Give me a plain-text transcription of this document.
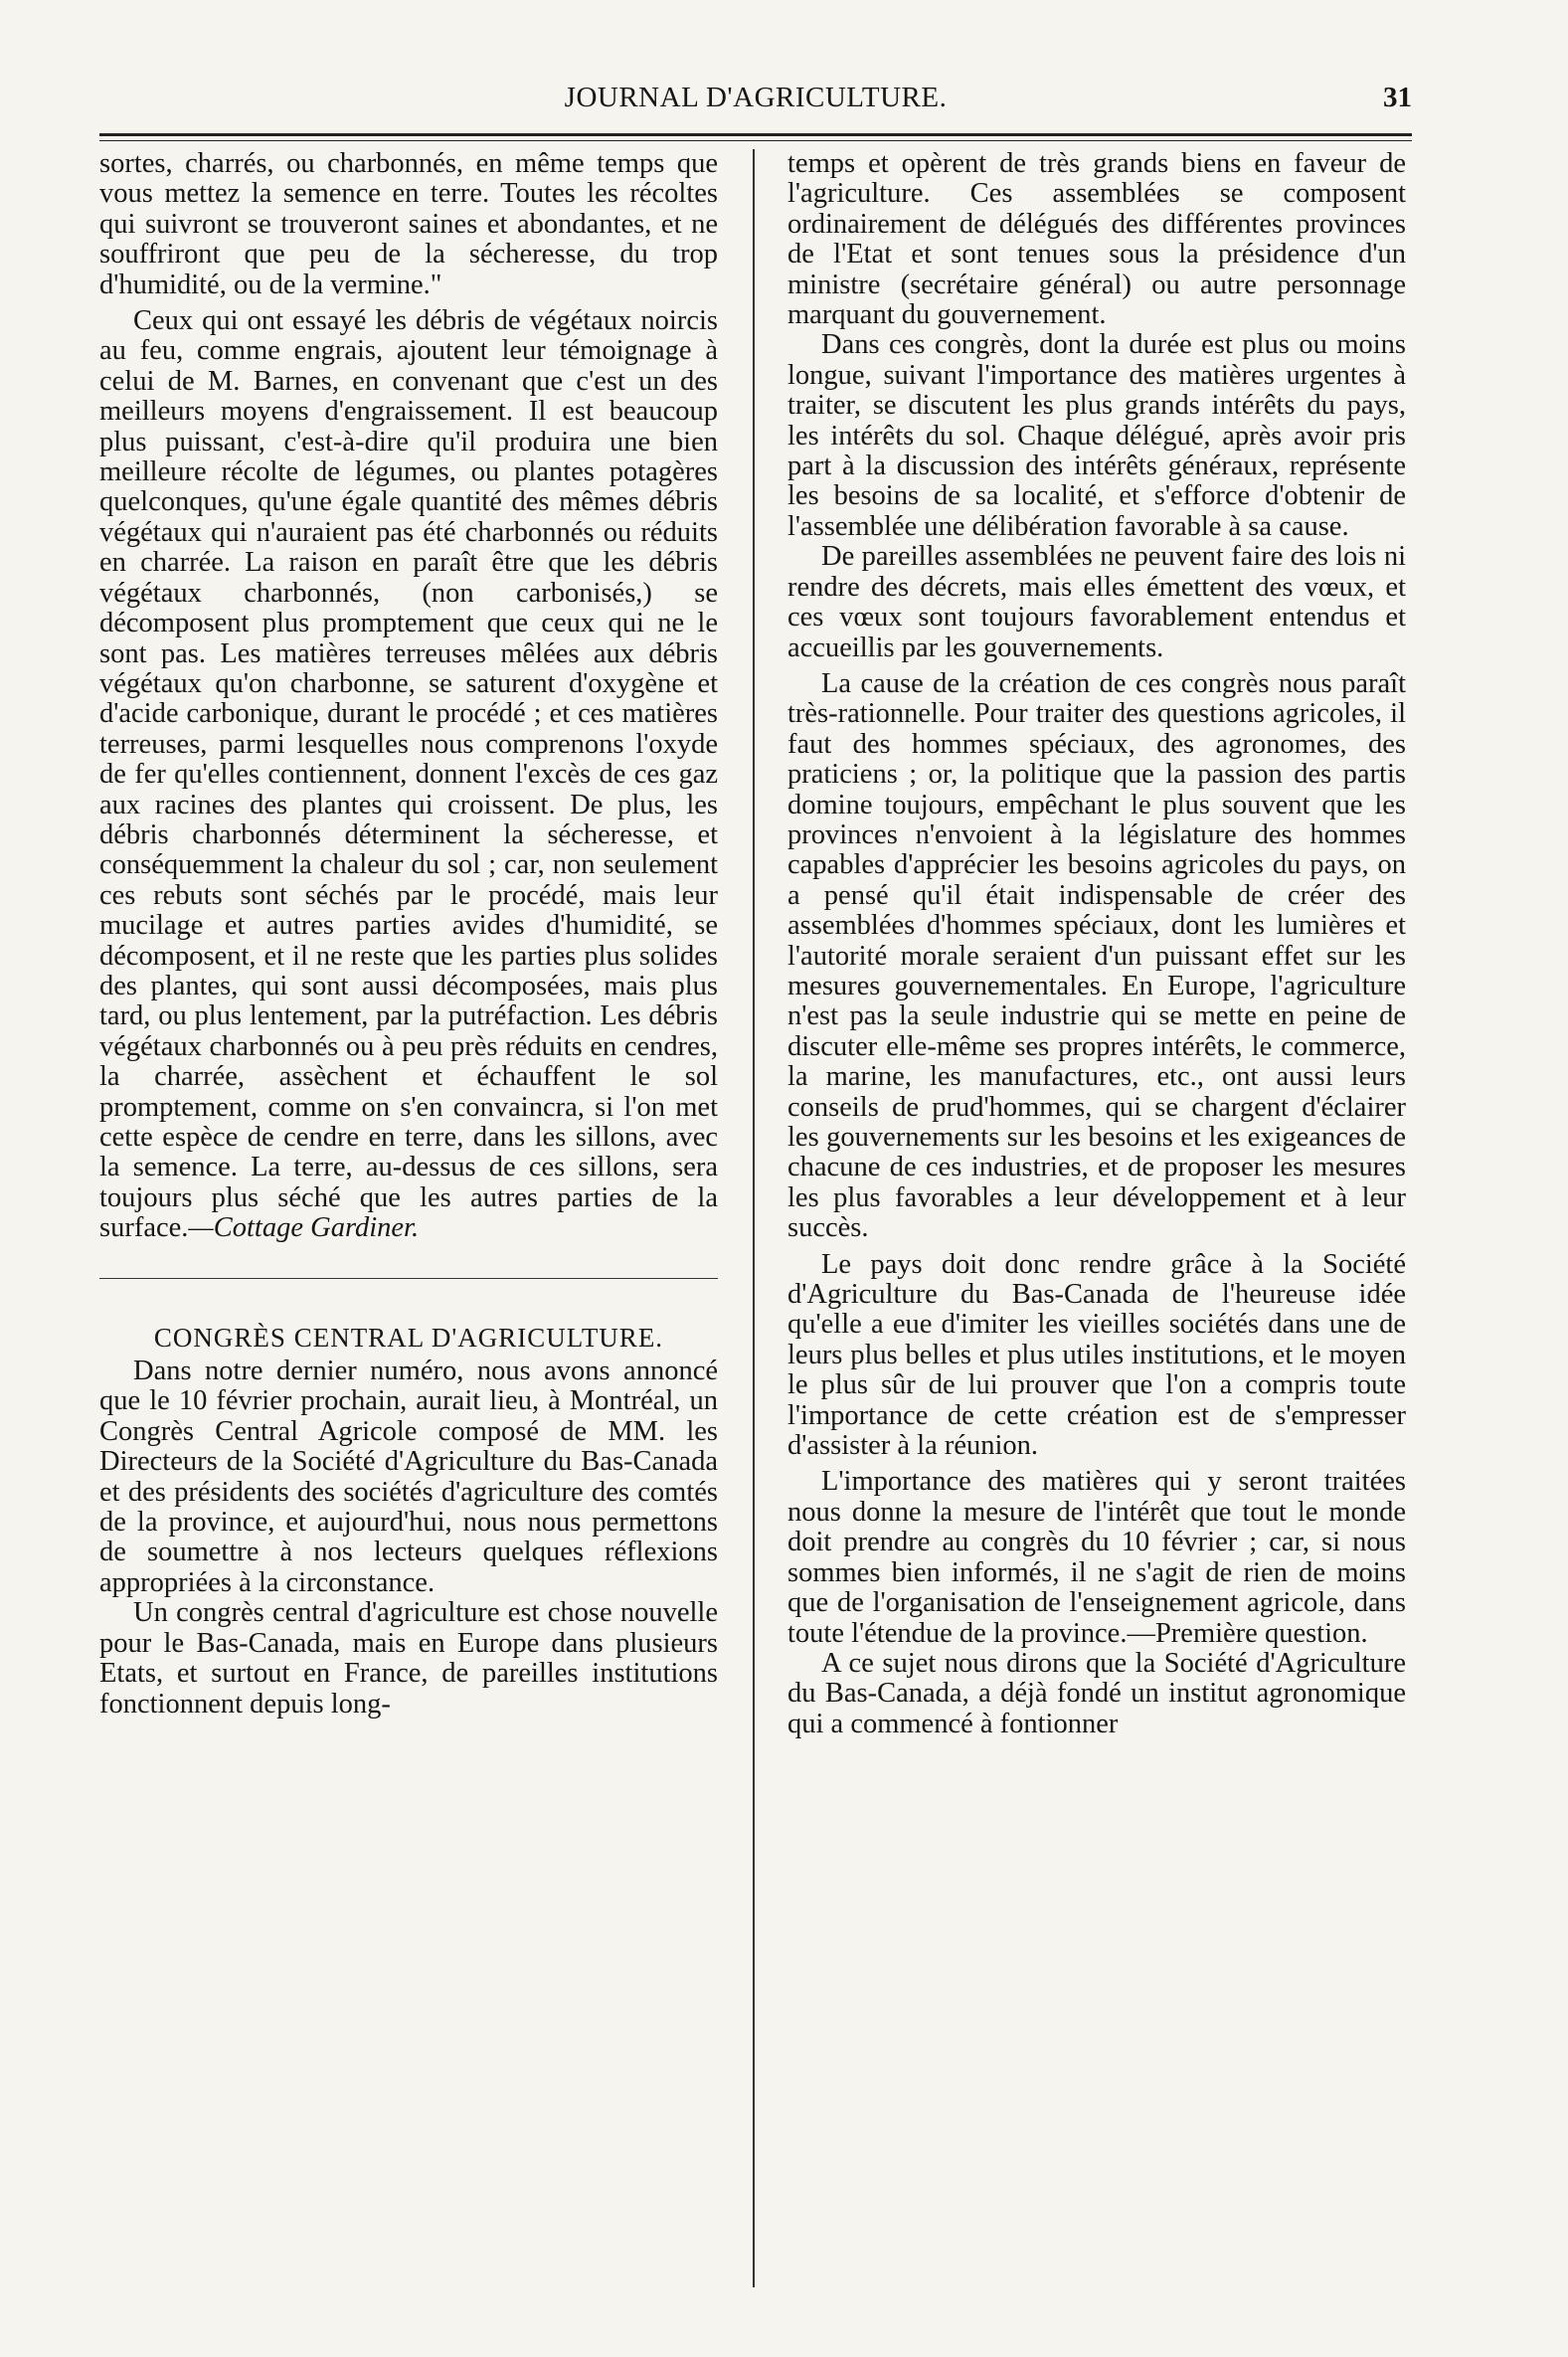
JOURNAL D'AGRICULTURE.	31

sortes, charrés, ou charbonnés, en même temps que vous mettez la semence en terre. Toutes les récoltes qui suivront se trouveront saines et abondantes, et ne souffriront que peu de la sécheresse, du trop d'humidité, ou de la vermine."

Ceux qui ont essayé les débris de végétaux noircis au feu, comme engrais, ajoutent leur témoignage à celui de M. Barnes, en convenant que c'est un des meilleurs moyens d'engraissement. Il est beaucoup plus puissant, c'est-à-dire qu'il produira une bien meilleure récolte de légumes, ou plantes potagères quelconques, qu'une égale quantité des mêmes débris végétaux qui n'auraient pas été charbonnés ou réduits en charrée. La raison en paraît être que les débris végétaux charbonnés, (non carbonisés,) se décomposent plus promptement que ceux qui ne le sont pas. Les matières terreuses mêlées aux débris végétaux qu'on charbonne, se saturent d'oxygène et d'acide carbonique, durant le procédé ; et ces matières terreuses, parmi lesquelles nous comprenons l'oxyde de fer qu'elles contiennent, donnent l'excès de ces gaz aux racines des plantes qui croissent. De plus, les débris charbonnés déterminent la sécheresse, et conséquemment la chaleur du sol ; car, non seulement ces rebuts sont séchés par le procédé, mais leur mucilage et autres parties avides d'humidité, se décomposent, et il ne reste que les parties plus solides des plantes, qui sont aussi décomposées, mais plus tard, ou plus lentement, par la putréfaction. Les débris végétaux charbonnés ou à peu près réduits en cendres, la charrée, assèchent et échauffent le sol promptement, comme on s'en convaincra, si l'on met cette espèce de cendre en terre, dans les sillons, avec la semence. La terre, au-dessus de ces sillons, sera toujours plus séché que les autres parties de la surface.—Cottage Gardiner.

CONGRÈS CENTRAL D'AGRICULTURE.

Dans notre dernier numéro, nous avons annoncé que le 10 février prochain, aurait lieu, à Montréal, un Congrès Central Agricole composé de MM. les Directeurs de la Société d'Agriculture du Bas-Canada et des présidents des sociétés d'agriculture des comtés de la province, et aujourd'hui, nous nous permettons de soumettre à nos lecteurs quelques réflexions appropriées à la circonstance.

Un congrès central d'agriculture est chose nouvelle pour le Bas-Canada, mais en Europe dans plusieurs Etats, et surtout en France, de pareilles institutions fonctionnent depuis long-

temps et opèrent de très grands biens en faveur de l'agriculture. Ces assemblées se composent ordinairement de délégués des différentes provinces de l'Etat et sont tenues sous la présidence d'un ministre (secrétaire général) ou autre personnage marquant du gouvernement.

Dans ces congrès, dont la durée est plus ou moins longue, suivant l'importance des matières urgentes à traiter, se discutent les plus grands intérêts du pays, les intérêts du sol. Chaque délégué, après avoir pris part à la discussion des intérêts généraux, représente les besoins de sa localité, et s'efforce d'obtenir de l'assemblée une délibération favorable à sa cause.

De pareilles assemblées ne peuvent faire des lois ni rendre des décrets, mais elles émettent des vœux, et ces vœux sont toujours favorablement entendus et accueillis par les gouvernements.

La cause de la création de ces congrès nous paraît très-rationnelle. Pour traiter des questions agricoles, il faut des hommes spéciaux, des agronomes, des praticiens ; or, la politique que la passion des partis domine toujours, empêchant le plus souvent que les provinces n'envoient à la législature des hommes capables d'apprécier les besoins agricoles du pays, on a pensé qu'il était indispensable de créer des assemblées d'hommes spéciaux, dont les lumières et l'autorité morale seraient d'un puissant effet sur les mesures gouvernementales. En Europe, l'agriculture n'est pas la seule industrie qui se mette en peine de discuter elle-même ses propres intérêts, le commerce, la marine, les manufactures, etc., ont aussi leurs conseils de prud'hommes, qui se chargent d'éclairer les gouvernements sur les besoins et les exigeances de chacune de ces industries, et de proposer les mesures les plus favorables a leur développement et à leur succès.

Le pays doit donc rendre grâce à la Société d'Agriculture du Bas-Canada de l'heureuse idée qu'elle a eue d'imiter les vieilles sociétés dans une de leurs plus belles et plus utiles institutions, et le moyen le plus sûr de lui prouver que l'on a compris toute l'importance de cette création est de s'empresser d'assister à la réunion.

L'importance des matières qui y seront traitées nous donne la mesure de l'intérêt que tout le monde doit prendre au congrès du 10 février ; car, si nous sommes bien informés, il ne s'agit de rien de moins que de l'organisation de l'enseignement agricole, dans toute l'étendue de la province.—Première question.

A ce sujet nous dirons que la Société d'Agriculture du Bas-Canada, a déjà fondé un institut agronomique qui a commencé à fontionner
